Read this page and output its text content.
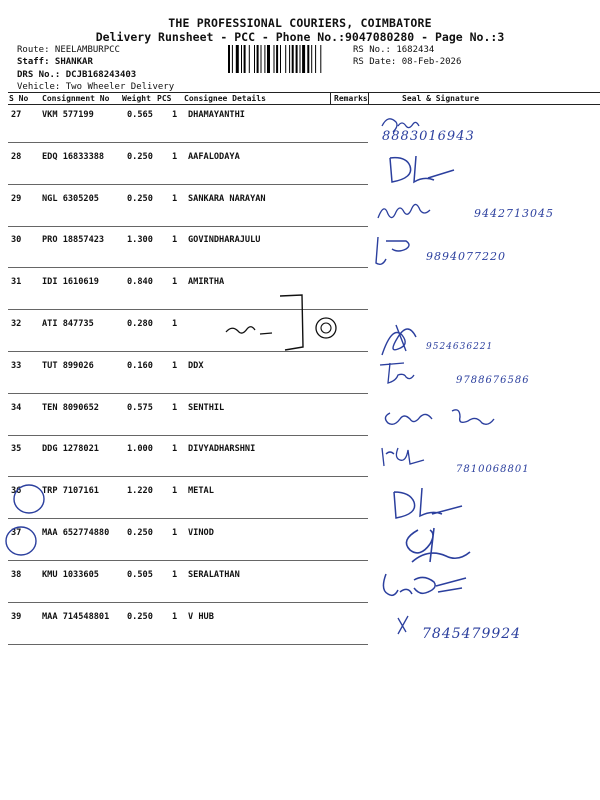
THE PROFESSIONAL COURIERS, COIMBATORE
Delivery Runsheet - PCC - Phone No.:9047080280 - Page No.:3
Route: NEELAMBURPCC
Staff: SHANKAR
DRS No.: DCJB168243403
Vehicle: Two Wheeler Delivery
RS No.: 1682434
RS Date: 08-Feb-2026
S No Consignment No Weight PCS Consignee Details	Remarks	Seal & Signature
27 VKM 577199	0.565 1 DHAMAYANTHI
8883016943
28 EDQ 16833388	0.250 1 AAFALODAYA
29 NGL 6305205	0.250 1 SANKARA NARAYAN
9442713045
30 PRO 18857423	1.300 1 GOVINDHARAJULU
9894077220
31 IDI 1610619	0.840 1 AMIRTHA
32 ATI 847735	0.280 1
9524636221
33 TUT 899026	0.160 1 DDX
9788676586
34 TEN 8090652	0.575 1 SENTHIL
35 DDG 1278021	1.000 1 DIVYADHARSHNI
7810068801
36 TRP 7107161	1.220 1 METAL
37 MAA 652774880 0.250 1 VINOD
38 KMU 1033605	0.505 1 SERALATHAN
39 MAA 714548801 0.250 1 V HUB
7845479924
